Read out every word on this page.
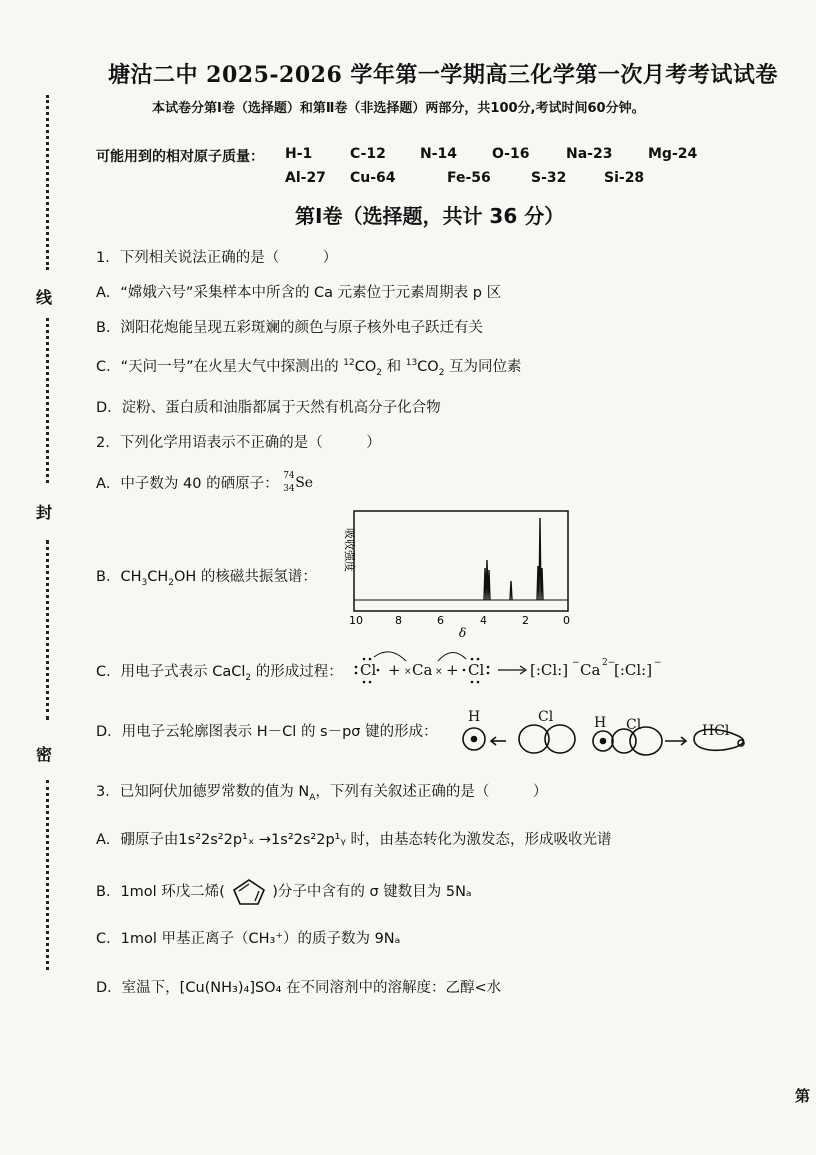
线
封
密
塘沽二中 2025-2026 学年第一学期高三化学第一次月考考试试卷
本试卷分第Ⅰ卷（选择题）和第Ⅱ卷（非选择题）两部分，共100分,考试时间60分钟。
可能用到的相对原子质量： H-1	C-12 N-14 O-16	Na-23	Mg-24
Al-27 Cu-64	Fe-56	S-32	Si-28
第Ⅰ卷（选择题，共计 36 分）
1．下列相关说法正确的是（　　　）
A．“嫦娥六号”采集样本中所含的 Ca 元素位于元素周期表 p 区
B．浏阳花炮能呈现五彩斑斓的颜色与原子核外电子跃迁有关
C．“天问一号”在火星大气中探测出的 $^{12}CO_2$ 和 $^{13}CO_2$ 互为同位素
D．淀粉、蛋白质和油脂都属于天然有机高分子化合物
2．下列化学用语表示不正确的是（　　　）
A．中子数为 40 的硒原子： 74
34 Se
B．$CH_3CH_2OH$ 的核磁共振氢谱：
吸收强度
10	8	6	4	2	0
δ
C．用电子式表示 CaCl$_2$ 的形成过程： Cl + × Ca × + Cl	[:Cl:] − Ca 2−
[:Cl:] −
D．用电子云轮廓图表示 H－Cl 的 s－pσ 键的形成：
H	Cl	H Cl	HCl
3．已知阿伏加德罗常数的值为 $N_A$，下列有关叙述正确的是（　　　）
A．硼原子由1s²2s²2p¹ₓ →1s²2s²2p¹ᵧ 时，由基态转化为激发态，形成吸收光谱
B．1mol 环戊二烯(	)分子中含有的 σ 键数目为 5Nₐ
C．1mol 甲基正离子（CH₃⁺）的质子数为 9Nₐ
D．室温下，[Cu(NH₃)₄]SO₄ 在不同溶剂中的溶解度：乙醇<水
第
